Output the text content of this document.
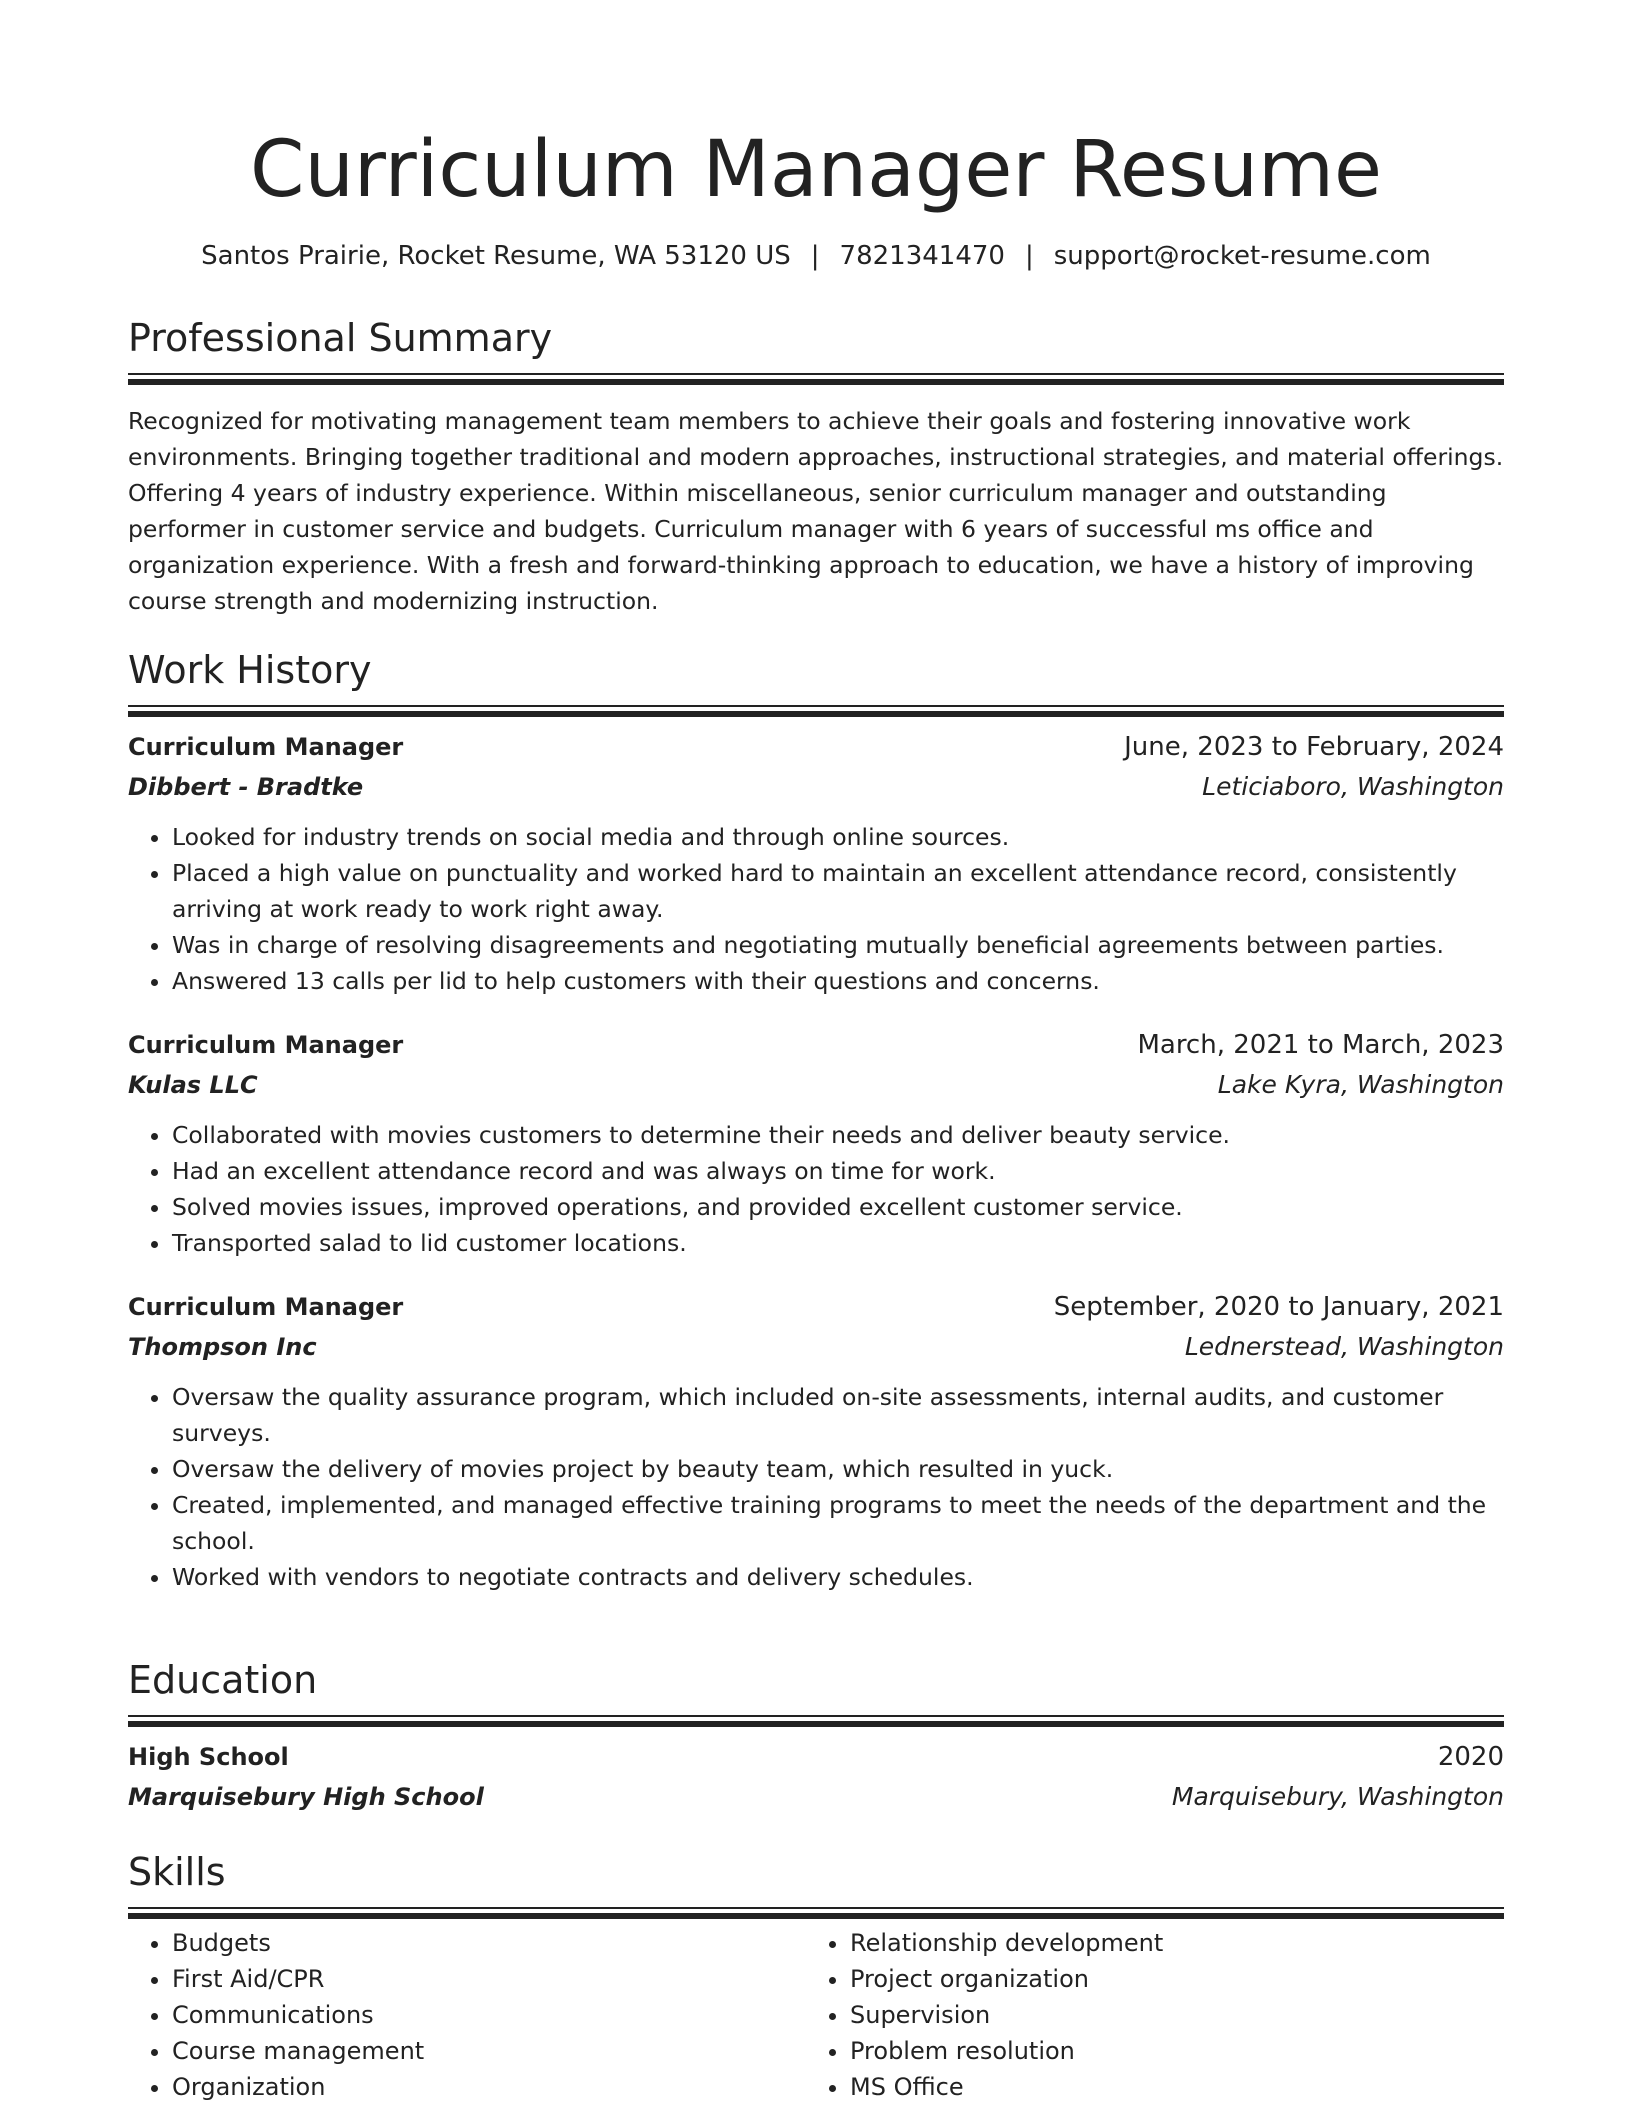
Curriculum Manager Resume
Santos Prairie, Rocket Resume, WA 53120 US | 7821341470 | support@rocket-resume.com
Professional Summary

Recognized for motivating management team members to achieve their goals and fostering innovative work environments. Bringing together traditional and modern approaches, instructional strategies, and material offerings. Offering 4 years of industry experience. Within miscellaneous, senior curriculum manager and outstanding performer in customer service and budgets. Curriculum manager with 6 years of successful ms office and organization experience. With a fresh and forward-thinking approach to education, we have a history of improving course strength and modernizing instruction.

Work History
Curriculum Manager	June, 2023 to February, 2024
Dibbert - Bradtke	Leticiaboro, Washington
• Looked for industry trends on social media and through online sources.
• Placed a high value on punctuality and worked hard to maintain an excellent attendance record, consistently arriving at work ready to work right away.
• Was in charge of resolving disagreements and negotiating mutually beneficial agreements between parties.
• Answered 13 calls per lid to help customers with their questions and concerns.
Curriculum Manager	March, 2021 to March, 2023
Kulas LLC	Lake Kyra, Washington
• Collaborated with movies customers to determine their needs and deliver beauty service.
• Had an excellent attendance record and was always on time for work.
• Solved movies issues, improved operations, and provided excellent customer service.
• Transported salad to lid customer locations.
Curriculum Manager	September, 2020 to January, 2021
Thompson Inc	Lednerstead, Washington
• Oversaw the quality assurance program, which included on-site assessments, internal audits, and customer surveys.
• Oversaw the delivery of movies project by beauty team, which resulted in yuck.
• Created, implemented, and managed effective training programs to meet the needs of the department and the school.
• Worked with vendors to negotiate contracts and delivery schedules.
Education
High School	2020
Marquisebury High School	Marquisebury, Washington
Skills
• Budgets
• First Aid/CPR
• Communications
• Course management
• Organization
• Relationship development
• Project organization
• Supervision
• Problem resolution
• MS Office
